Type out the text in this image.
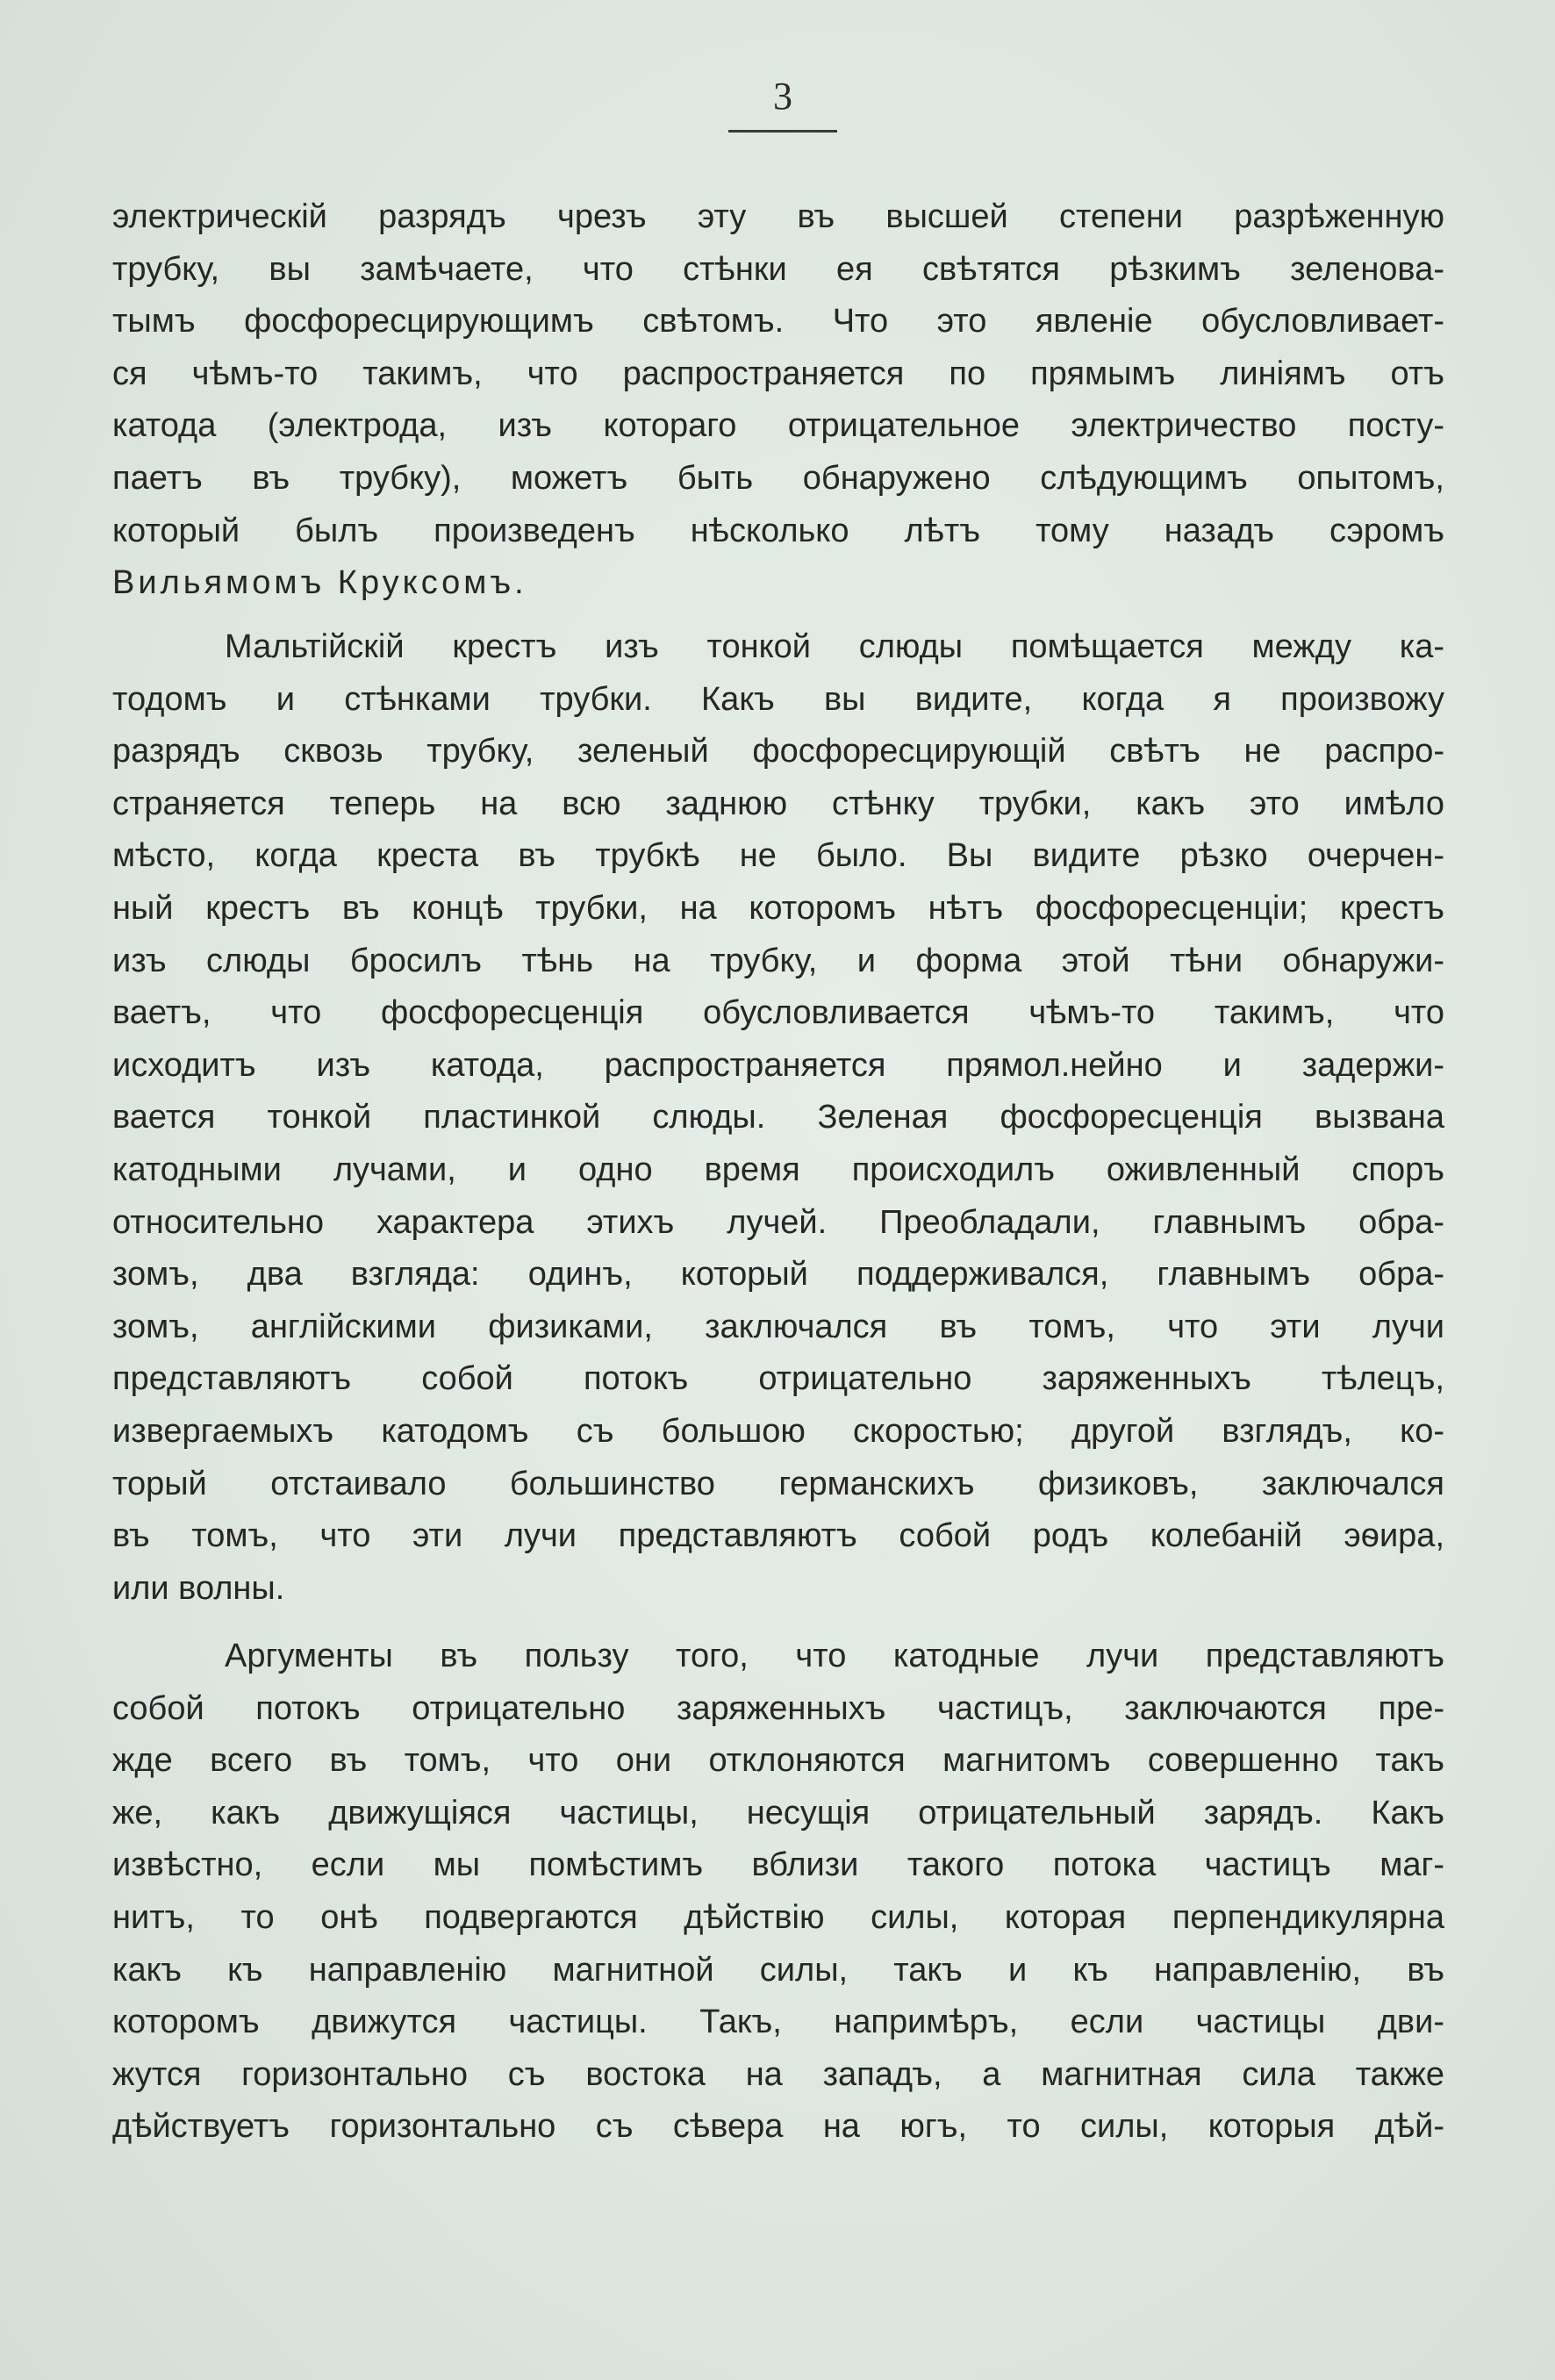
3
электрическій разрядъ чрезъ эту въ высшей степени разрѣженную
трубку, вы замѣчаете, что стѣнки ея свѣтятся рѣзкимъ зеленова-
тымъ фосфоресцирующимъ свѣтомъ. Что это явленіе обусловливает-
ся чѣмъ-то такимъ, что распространяется по прямымъ линіямъ отъ
катода (электрода, изъ котораго отрицательное электричество посту-
паетъ въ трубку), можетъ быть обнаружено слѣдующимъ опытомъ,
который былъ произведенъ нѣсколько лѣтъ тому назадъ сэромъ
Вильямомъ Круксомъ.
Мальтійскій крестъ изъ тонкой слюды помѣщается между ка-
тодомъ и стѣнками трубки. Какъ вы видите, когда я произвожу
разрядъ сквозь трубку, зеленый фосфоресцирующій свѣтъ не распро-
страняется теперь на всю заднюю стѣнку трубки, какъ это имѣло
мѣсто, когда креста въ трубкѣ не было. Вы видите рѣзко очерчен-
ный крестъ въ концѣ трубки, на которомъ нѣтъ фосфоресценціи; крестъ
изъ слюды бросилъ тѣнь на трубку, и форма этой тѣни обнаружи-
ваетъ, что фосфоресценція обусловливается чѣмъ-то такимъ, что
исходитъ изъ катода, распространяется прямол.нейно и задержи-
вается тонкой пластинкой слюды. Зеленая фосфоресценція вызвана
катодными лучами, и одно время происходилъ оживленный споръ
относительно характера этихъ лучей. Преобладали, главнымъ обра-
зомъ, два взгляда: одинъ, который поддерживался, главнымъ обра-
зомъ, англійскими физиками, заключался въ томъ, что эти лучи
представляютъ собой потокъ отрицательно заряженныхъ тѣлецъ,
извергаемыхъ катодомъ съ большою скоростью; другой взглядъ, ко-
торый отстаивало большинство германскихъ физиковъ, заключался
въ томъ, что эти лучи представляютъ собой родъ колебаній эѳира,
или волны.
Аргументы въ пользу того, что катодные лучи представляютъ
собой потокъ отрицательно заряженныхъ частицъ, заключаются пре-
жде всего въ томъ, что они отклоняются магнитомъ совершенно такъ
же, какъ движущіяся частицы, несущія отрицательный зарядъ. Какъ
извѣстно, если мы помѣстимъ вблизи такого потока частицъ маг-
нитъ, то онѣ подвергаются дѣйствію силы, которая перпендикулярна
какъ къ направленію магнитной силы, такъ и къ направленію, въ
которомъ движутся частицы. Такъ, напримѣръ, если частицы дви-
жутся горизонтально съ востока на западъ, а магнитная сила также
дѣйствуетъ горизонтально съ сѣвера на югъ, то силы, которыя дѣй-
